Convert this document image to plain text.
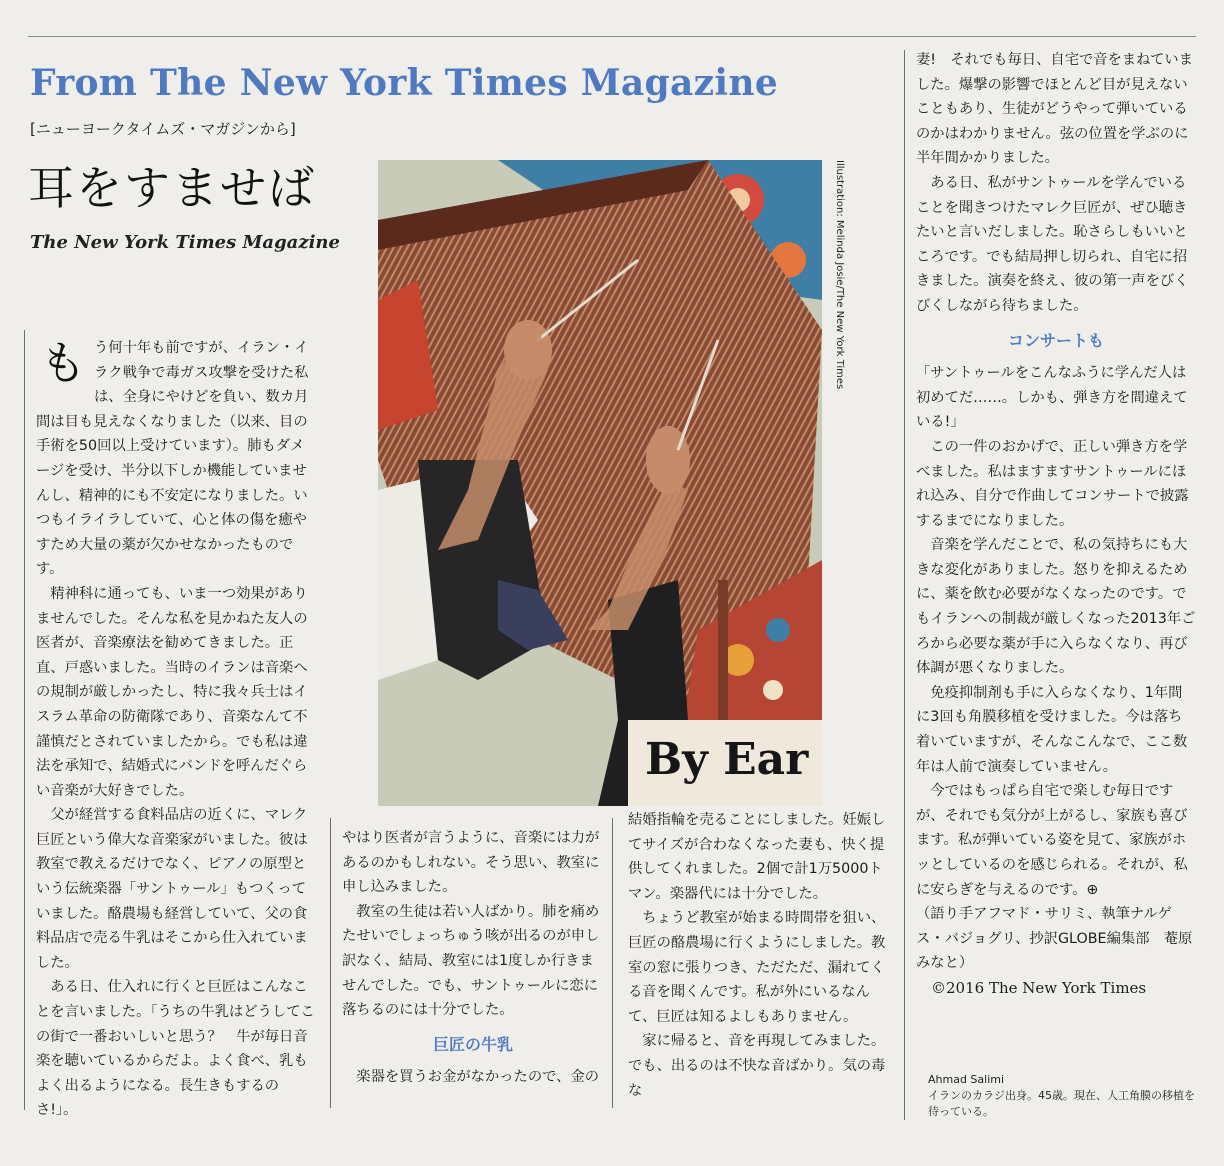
From The New York Times Magazine
[ニューヨークタイムズ・マガジンから]
耳をすませば
The New York Times Magazine	Illustration: Melinda Josie/The New York Times
By Ear
も う何十年も前ですが、イラン・イラク戦争で毒ガス攻撃を受けた私は、全身にやけどを負い、数カ月間は目も見えなくなりました（以来、目の手術を50回以上受けています）。肺もダメージを受け、半分以下しか機能していませんし、精神的にも不安定になりました。いつもイライラしていて、心と体の傷を癒やすため大量の薬が欠かせなかったものです。

精神科に通っても、いま一つ効果がありませんでした。そんな私を見かねた友人の医者が、音楽療法を勧めてきました。正直、戸惑いました。当時のイランは音楽への規制が厳しかったし、特に我々兵士はイスラム革命の防衛隊であり、音楽なんて不謹慎だとされていましたから。でも私は違法を承知で、結婚式にバンドを呼んだぐらい音楽が大好きでした。

父が経営する食料品店の近くに、マレク巨匠という偉大な音楽家がいました。彼は教室で教えるだけでなく、ピアノの原型という伝統楽器「サントゥール」もつくっていました。酪農場も経営していて、父の食料品店で売る牛乳はそこから仕入れていました。

ある日、仕入れに行くと巨匠はこんなことを言いました。「うちの牛乳はどうしてこの街で一番おいしいと思う？　牛が毎日音楽を聴いているからだよ。よく食べ、乳もよく出るようになる。長生きもするのさ!」。

やはり医者が言うように、音楽には力があるのかもしれない。そう思い、教室に申し込みました。

教室の生徒は若い人ばかり。肺を痛めたせいでしょっちゅう咳が出るのが申し訳なく、結局、教室には1度しか行きませんでした。でも、サントゥールに恋に落ちるのには十分でした。

巨匠の牛乳

楽器を買うお金がなかったので、金の

結婚指輪を売ることにしました。妊娠してサイズが合わなくなった妻も、快く提供してくれました。2個で計1万5000トマン。楽器代には十分でした。

ちょうど教室が始まる時間帯を狙い、巨匠の酪農場に行くようにしました。教室の窓に張りつき、ただただ、漏れてくる音を聞くんです。私が外にいるなんて、巨匠は知るよしもありません。

家に帰ると、音を再現してみました。でも、出るのは不快な音ばかり。気の毒な

妻!　それでも毎日、自宅で音をまねていました。爆撃の影響でほとんど目が見えないこともあり、生徒がどうやって弾いているのかはわかりません。弦の位置を学ぶのに半年間かかりました。

ある日、私がサントゥールを学んでいることを聞きつけたマレク巨匠が、ぜひ聴きたいと言いだしました。恥さらしもいいところです。でも結局押し切られ、自宅に招きました。演奏を終え、彼の第一声をびくびくしながら待ちました。

コンサートも

「サントゥールをこんなふうに学んだ人は初めてだ……。しかも、弾き方を間違えている!」

この一件のおかげで、正しい弾き方を学べました。私はますますサントゥールにほれ込み、自分で作曲してコンサートで披露するまでになりました。

音楽を学んだことで、私の気持ちにも大きな変化がありました。怒りを抑えるために、薬を飲む必要がなくなったのです。でもイランへの制裁が厳しくなった2013年ごろから必要な薬が手に入らなくなり、再び体調が悪くなりました。

免疫抑制剤も手に入らなくなり、1年間に3回も角膜移植を受けました。今は落ち着いていますが、そんなこんなで、ここ数年は人前で演奏していません。

今ではもっぱら自宅で楽しむ毎日ですが、それでも気分が上がるし、家族も喜びます。私が弾いている姿を見て、家族がホッとしているのを感じられる。それが、私に安らぎを与えるのです。⊕

（語り手アフマド・サリミ、執筆ナルゲス・バジョグリ、抄訳GLOBE編集部　菴原みなと）

©2016 The New York Times

Ahmad Salimi
イランのカラジ出身。45歳。現在、人工角膜の移植を待っている。
